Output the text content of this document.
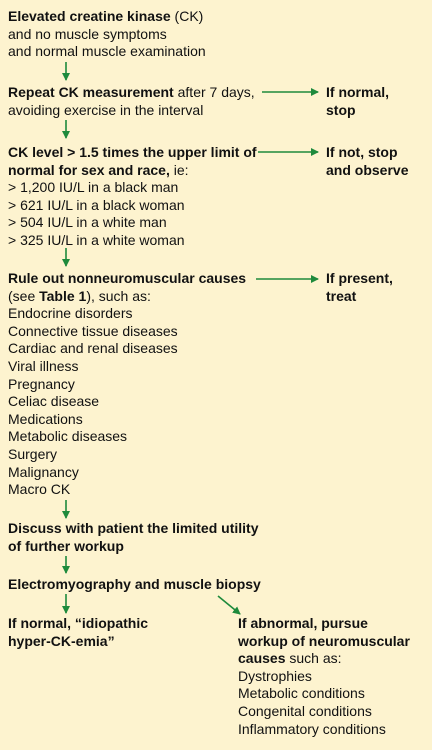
Elevated creatine kinase (CK)
and no muscle symptoms
and normal muscle examination
Repeat CK measurement after 7 days,
avoiding exercise in the interval
If normal,
stop
CK level > 1.5 times the upper limit of
normal for sex and race, ie:
> 1,200 IU/L in a black man
> 621 IU/L in a black woman
> 504 IU/L in a white man
> 325 IU/L in a white woman
If not, stop
and observe
Rule out nonneuromuscular causes
(see Table 1), such as:
Endocrine disorders
Connective tissue diseases
Cardiac and renal diseases
Viral illness
Pregnancy
Celiac disease
Medications
Metabolic diseases
Surgery
Malignancy
Macro CK
If present,
treat
Discuss with patient the limited utility
of further workup
Electromyography and muscle biopsy
If normal, “idiopathic
hyper-CK-emia”
If abnormal, pursue
workup of neuromuscular
causes such as:
Dystrophies
Metabolic conditions
Congenital conditions
Inflammatory conditions
